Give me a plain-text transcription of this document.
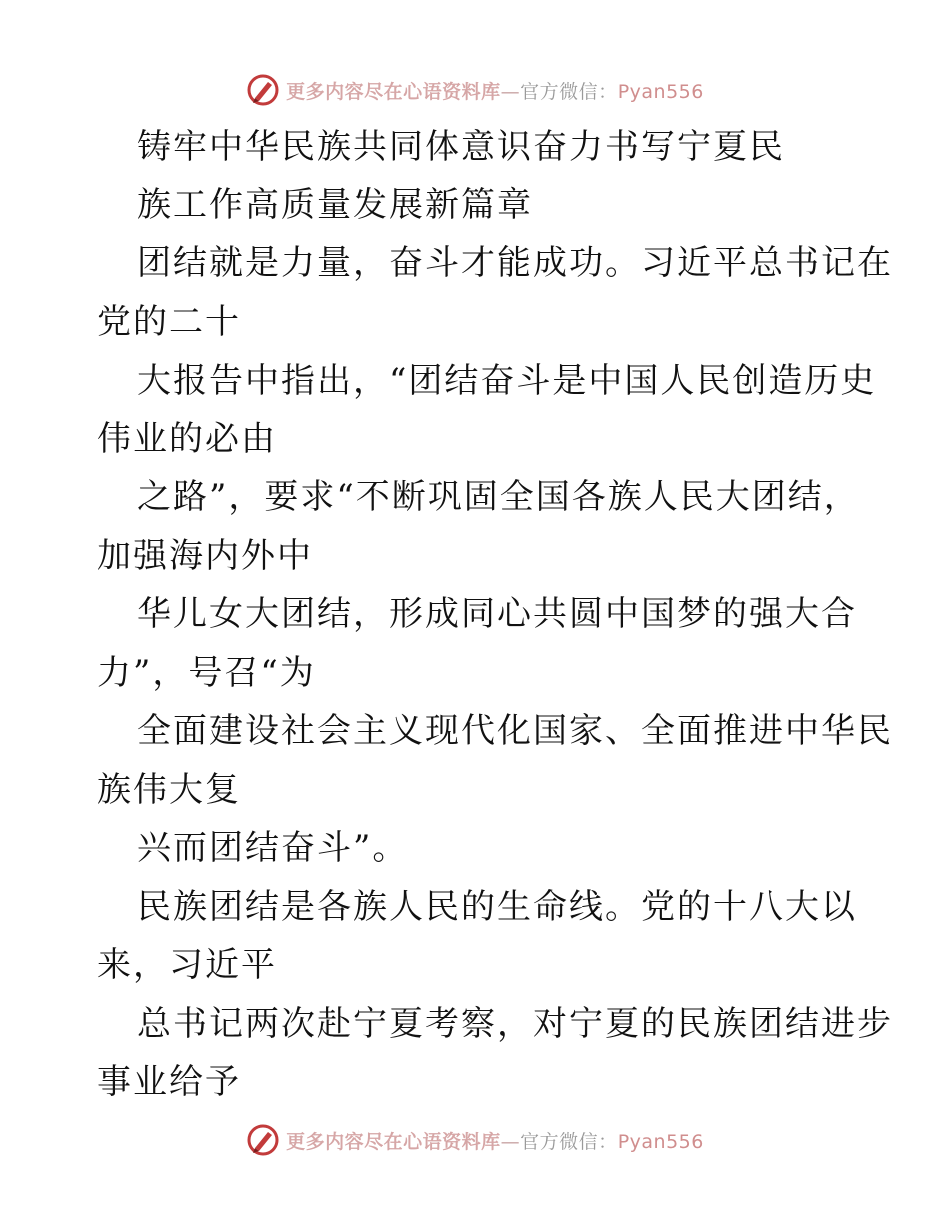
更多内容尽在心语资料库—官方微信：Pyan556
铸牢中华民族共同体意识奋力书写宁夏民
族工作高质量发展新篇章
团结就是力量，奋斗才能成功。习近平总书记在
党的二十
大报告中指出，“团结奋斗是中国人民创造历史
伟业的必由
之路”，要求“不断巩固全国各族人民大团结，
加强海内外中
华儿女大团结，形成同心共圆中国梦的强大合
力”，号召“为
全面建设社会主义现代化国家、全面推进中华民
族伟大复
兴而团结奋斗”。
民族团结是各族人民的生命线。党的十八大以
来，习近平
总书记两次赴宁夏考察，对宁夏的民族团结进步
事业给予
更多内容尽在心语资料库—官方微信：Pyan556
